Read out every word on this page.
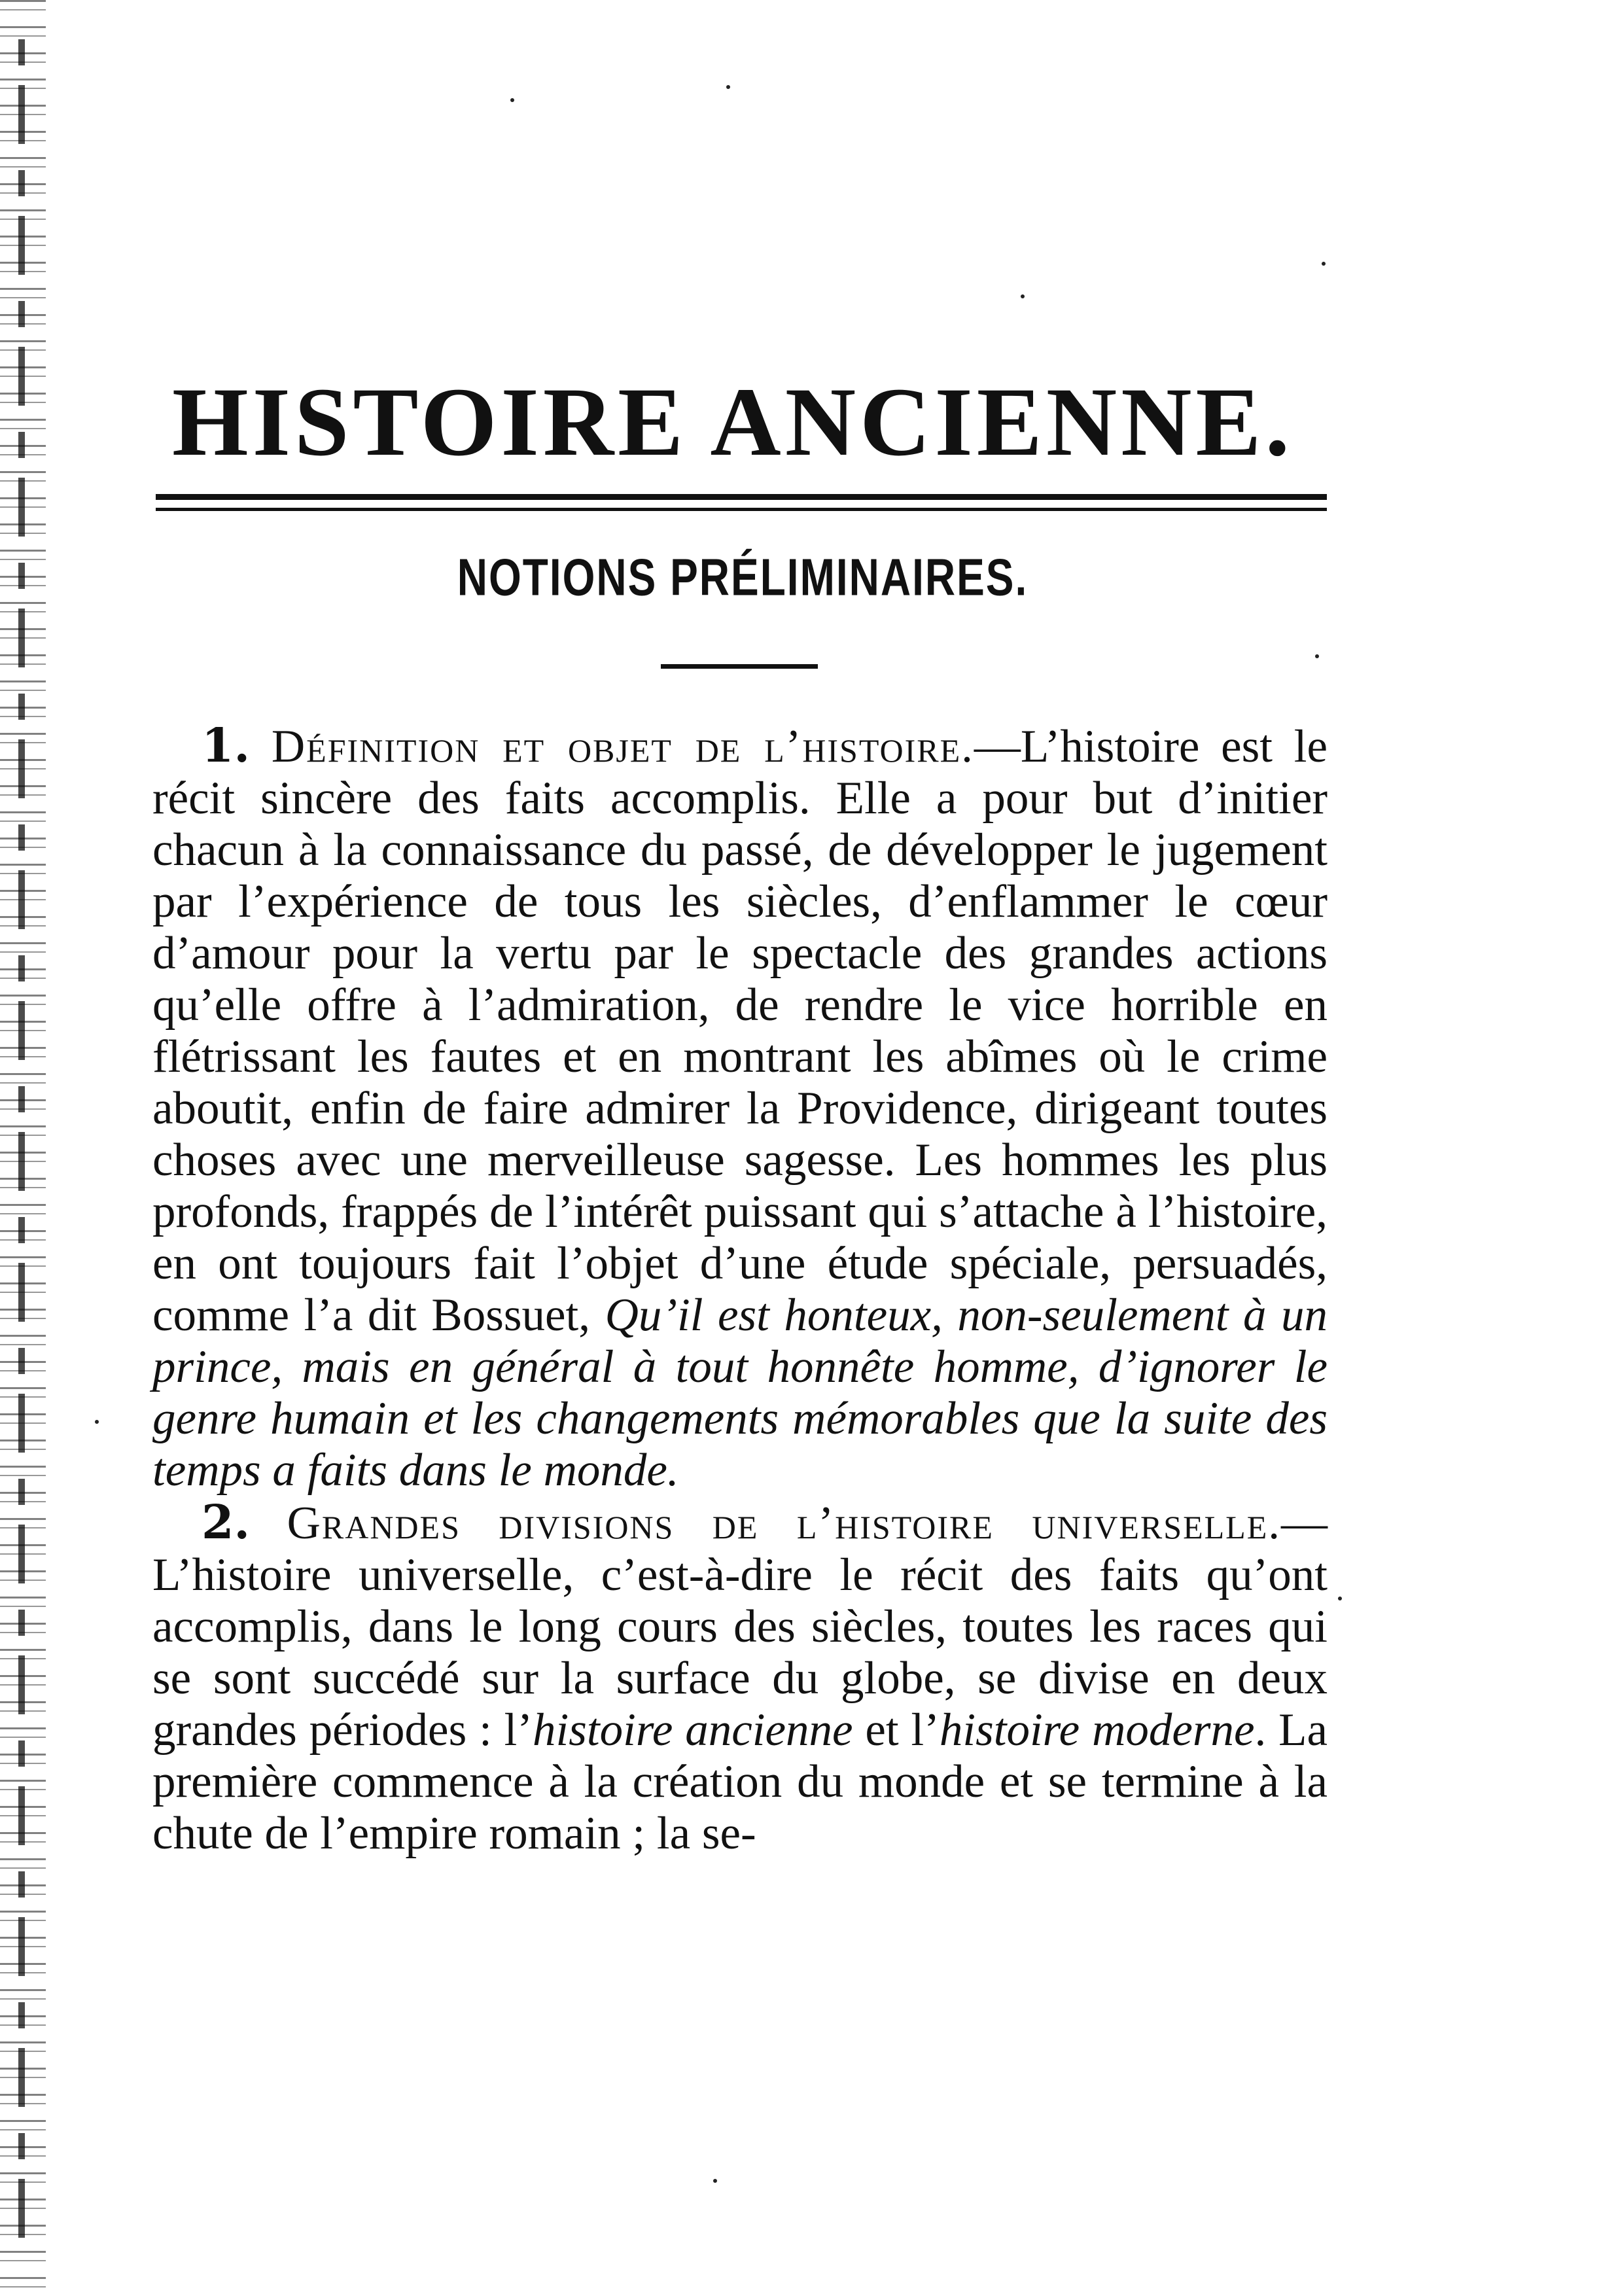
HISTOIRE ANCIENNE.
NOTIONS PRÉLIMINAIRES.

1. Définition et objet de l’histoire.—L’histoire est le récit sincère des faits accomplis. Elle a pour but d’initier chacun à la connaissance du passé, de développer le jugement par l’expérience de tous les siècles, d’enflammer le cœur d’amour pour la vertu par le spectacle des grandes actions qu’elle offre à l’admiration, de rendre le vice horrible en flétrissant les fautes et en montrant les abîmes où le crime aboutit, enfin de faire admirer la Providence, dirigeant toutes choses avec une merveilleuse sagesse. Les hommes les plus profonds, frappés de l’intérêt puissant qui s’attache à l’histoire, en ont toujours fait l’objet d’une étude spéciale, persuadés, comme l’a dit Bossuet, Qu’il est honteux, non-seulement à un prince, mais en général à tout honnête homme, d’ignorer le genre humain et les changements mémorables que la suite des temps a faits dans le monde.

2. Grandes divisions de l’histoire universelle.—L’histoire universelle, c’est-à-dire le récit des faits qu’ont accomplis, dans le long cours des siècles, toutes les races qui se sont succédé sur la surface du globe, se divise en deux grandes périodes : l’histoire ancienne et l’histoire moderne. La première commence à la création du monde et se termine à la chute de l’empire romain ; la se-
